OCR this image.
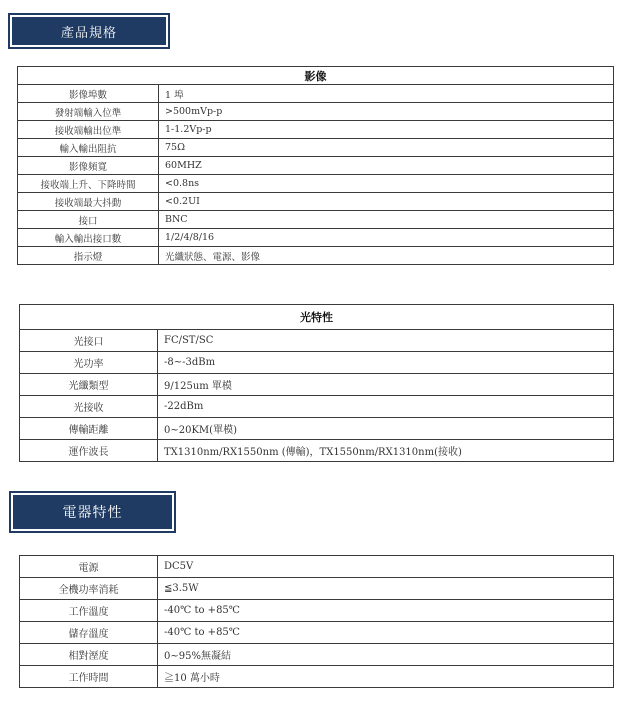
產品規格
影像	
影像埠數	1 埠
發射端輸入位準	>500mVp-p
接收端輸出位準	1-1.2Vp-p
輸入輸出阻抗	75Ω
影像頻寬	60MHZ
接收端上升、下降時間	<0.8ns
接收端最大抖動	<0.2UI
接口	BNC
輸入輸出接口數	1/2/4/8/16
指示燈	光纖狀態、電源、影像
光特性	
光接口	FC/ST/SC
光功率	-8~-3dBm
光纖類型	9/125um 單模
光接收	-22dBm
傳輸距離	0~20KM(單模)
運作波長	TX1310nm/RX1550nm (傳輸)，TX1550nm/RX1310nm(接收)
電器特性
電源	DC5V
全機功率消耗	≦3.5W
工作溫度	-40℃ to +85℃
儲存溫度	-40℃ to +85℃
相對溼度	0~95%無凝結
工作時間	≧10 萬小時
